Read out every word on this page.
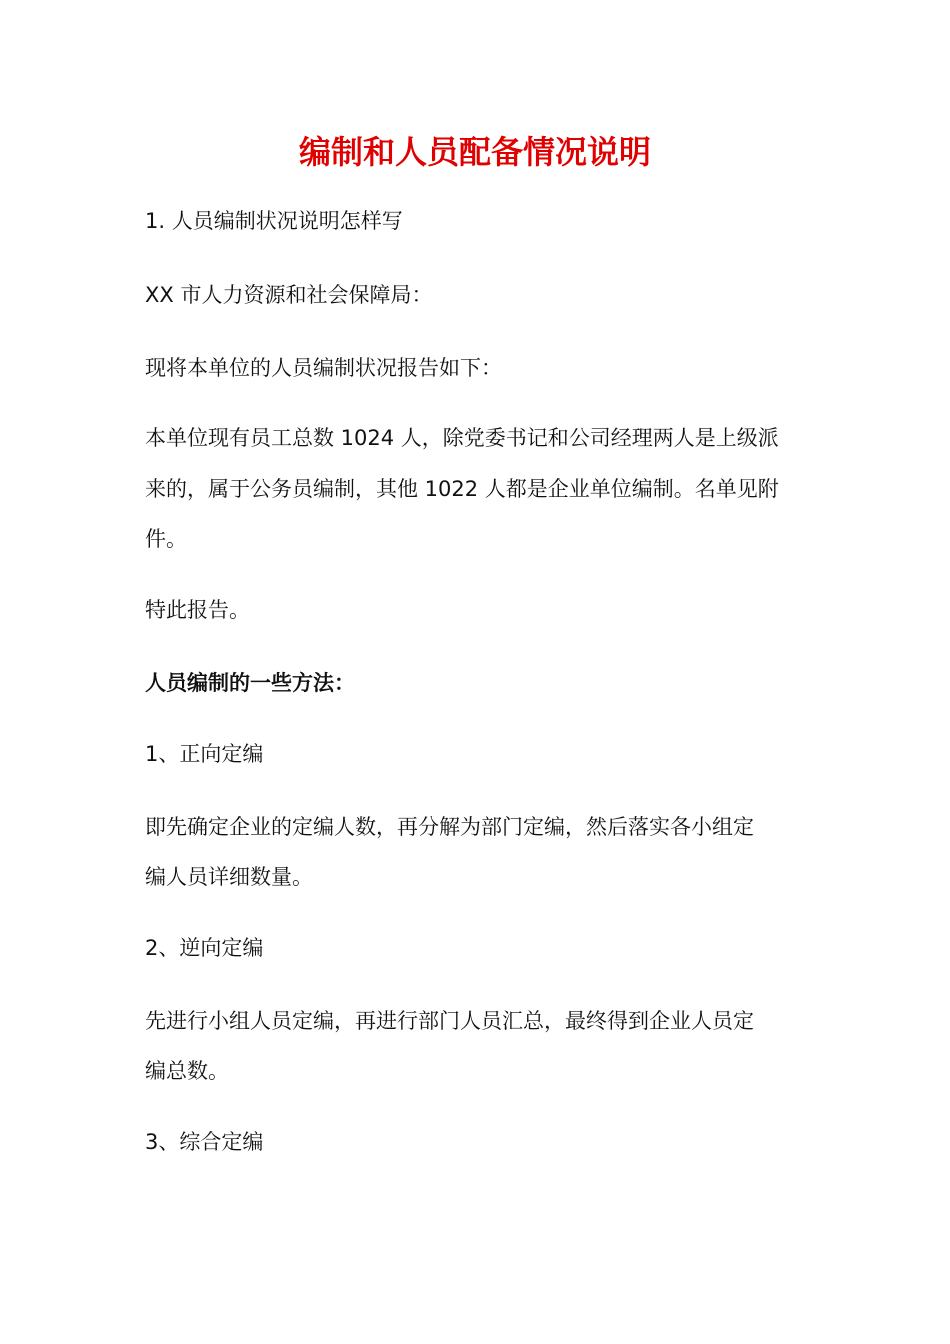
编制和人员配备情况说明

1. 人员编制状况说明怎样写

XX 市人力资源和社会保障局：

现将本单位的人员编制状况报告如下：

本单位现有员工总数 1024 人，除党委书记和公司经理两人是上级派

来的，属于公务员编制，其他 1022 人都是企业单位编制。名单见附

件。

特此报告。

人员编制的一些方法：

1、正向定编

即先确定企业的定编人数，再分解为部门定编，然后落实各小组定

编人员详细数量。

2、逆向定编

先进行小组人员定编，再进行部门人员汇总，最终得到企业人员定

编总数。

3、综合定编
